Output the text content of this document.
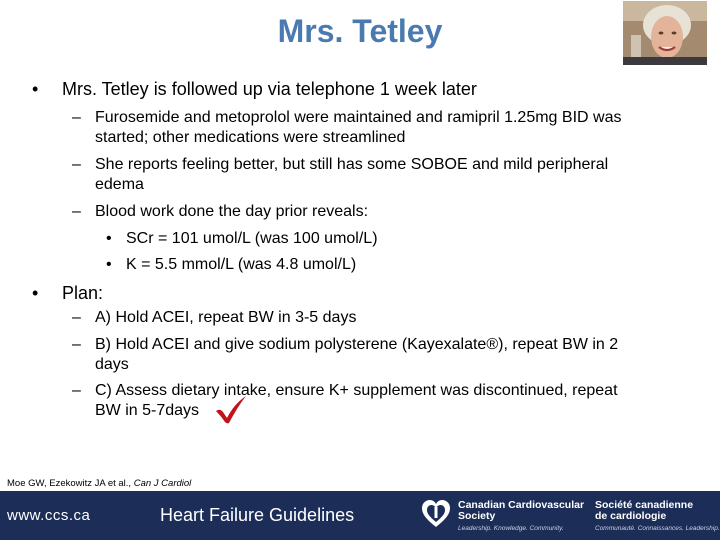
Mrs. Tetley
• Mrs. Tetley is followed up via telephone 1 week later
– Furosemide and metoprolol were maintained and ramipril 1.25mg BID was
started; other medications were streamlined
– She reports feeling better, but still has some SOBOE and mild peripheral
edema
– Blood work done the day prior reveals:
• SCr = 101 umol/L (was 100 umol/L)
• K = 5.5 mmol/L (was 4.8 umol/L)
• Plan:
– A) Hold ACEI, repeat BW in 3-5 days
– B) Hold ACEI and give sodium polysterene (Kayexalate®), repeat BW in 2
days
– C) Assess dietary intake, ensure K+ supplement was discontinued, repeat
BW in 5-7days
Moe GW, Ezekowitz JA et al., Can J Cardiol
www.ccs.ca	Heart Failure Guidelines	Canadian Cardiovascular
Society
Leadership. Knowledge. Community.
Société canadienne
de cardiologie
Communauté. Connaissances. Leadership.
